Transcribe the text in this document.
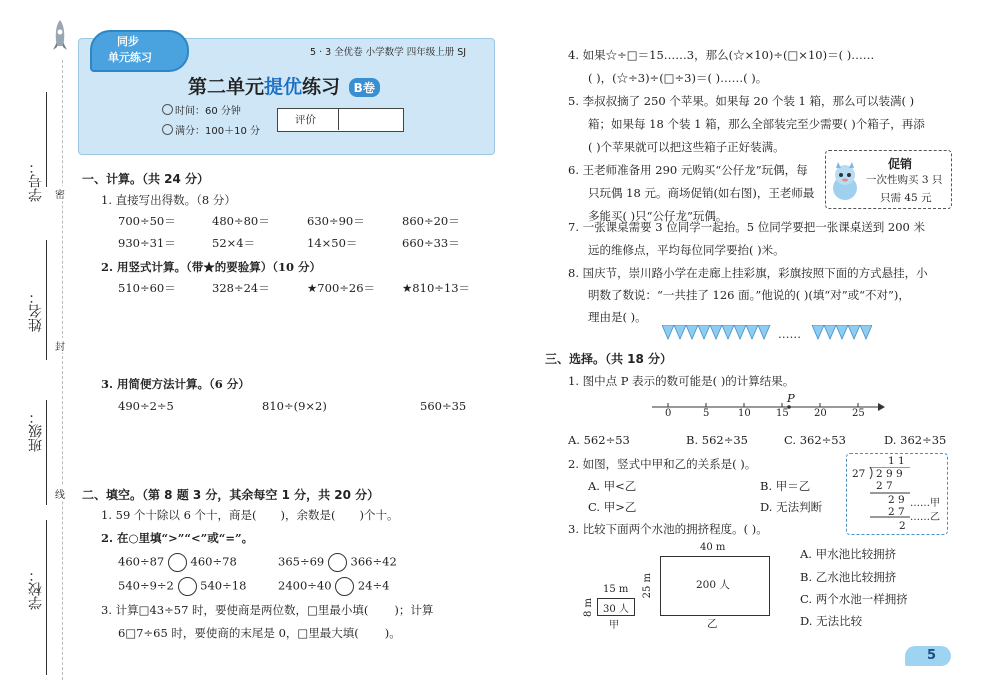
学号：
姓名：
班级：
学校：
密
封
线
同步
单元练习	5 · 3 全优卷 小学数学 四年级上册 SJ
第二单元提优练习 B卷
时间：60 分钟
满分：100＋10 分
评价
一、计算。（共 24 分）
1. 直接写出得数。（8 分）
700÷50＝	480÷80＝	630÷90＝	860÷20＝
930÷31＝	52×4＝	14×50＝	660÷33＝
2. 用竖式计算。（带★的要验算）（10 分）
510÷60＝	328÷24＝	★700÷26＝ ★810÷13＝
3. 用简便方法计算。（6 分）
490÷2÷5	810÷(9×2)	560÷35
二、填空。（第 8 题 3 分，其余每空 1 分，共 20 分）
1. 59 个十除以 6 个十，商是( )，余数是( )个十。
2. 在○里填“>”“<”或“=”。
460÷87 460÷78	365÷69 366÷42
540÷9÷2 540÷18	2400÷40 24÷4
3. 计算□43÷57 时，要使商是两位数，□里最小填( )；计算
6□7÷65 时，要使商的末尾是 0，□里最大填( )。
4. 如果☆÷□＝15……3，那么(☆×10)÷(□×10)＝( )……
( )，(☆÷3)÷(□÷3)＝( )……( )。
5. 李叔叔摘了 250 个苹果。如果每 20 个装 1 箱，那么可以装满( )
箱；如果每 18 个装 1 箱，那么全部装完至少需要( )个箱子，再添
( )个苹果就可以把这些箱子正好装满。
6. 王老师准备用 290 元购买“公仔龙”玩偶，每
只玩偶 18 元。商场促销(如右图)，王老师最
多能买( )只“公仔龙”玩偶。
促销
一次性购买 3 只
只需 45 元
7. 一张课桌需要 3 位同学一起抬。5 位同学要把一张课桌送到 200 米
远的维修点，平均每位同学要抬( )米。
8. 国庆节，崇川路小学在走廊上挂彩旗，彩旗按照下面的方式悬挂，小
明数了数说：“一共挂了 126 面。”他说的( )(填“对”或“不对”)，
理由是( )。
……
三、选择。（共 18 分）
1. 图中点 P 表示的数可能是( )的计算结果。
P
0	5	10	15	20	25
A. 562÷53	B. 562÷35	C. 362÷53	D. 362÷35
2. 如图，竖式中甲和乙的关系是( )。
A. 甲<乙	B. 甲＝乙
C. 甲>乙	D. 无法判断
1 1
27 2 9 9
2 7
2 9 ……甲
2 7
2
……乙
3. 比较下面两个水池的拥挤程度。( )。
40 m
25 m	200 人
乙
15 m
8 m 30 人
甲
A. 甲水池比较拥挤
B. 乙水池比较拥挤
C. 两个水池一样拥挤
D. 无法比较
5
